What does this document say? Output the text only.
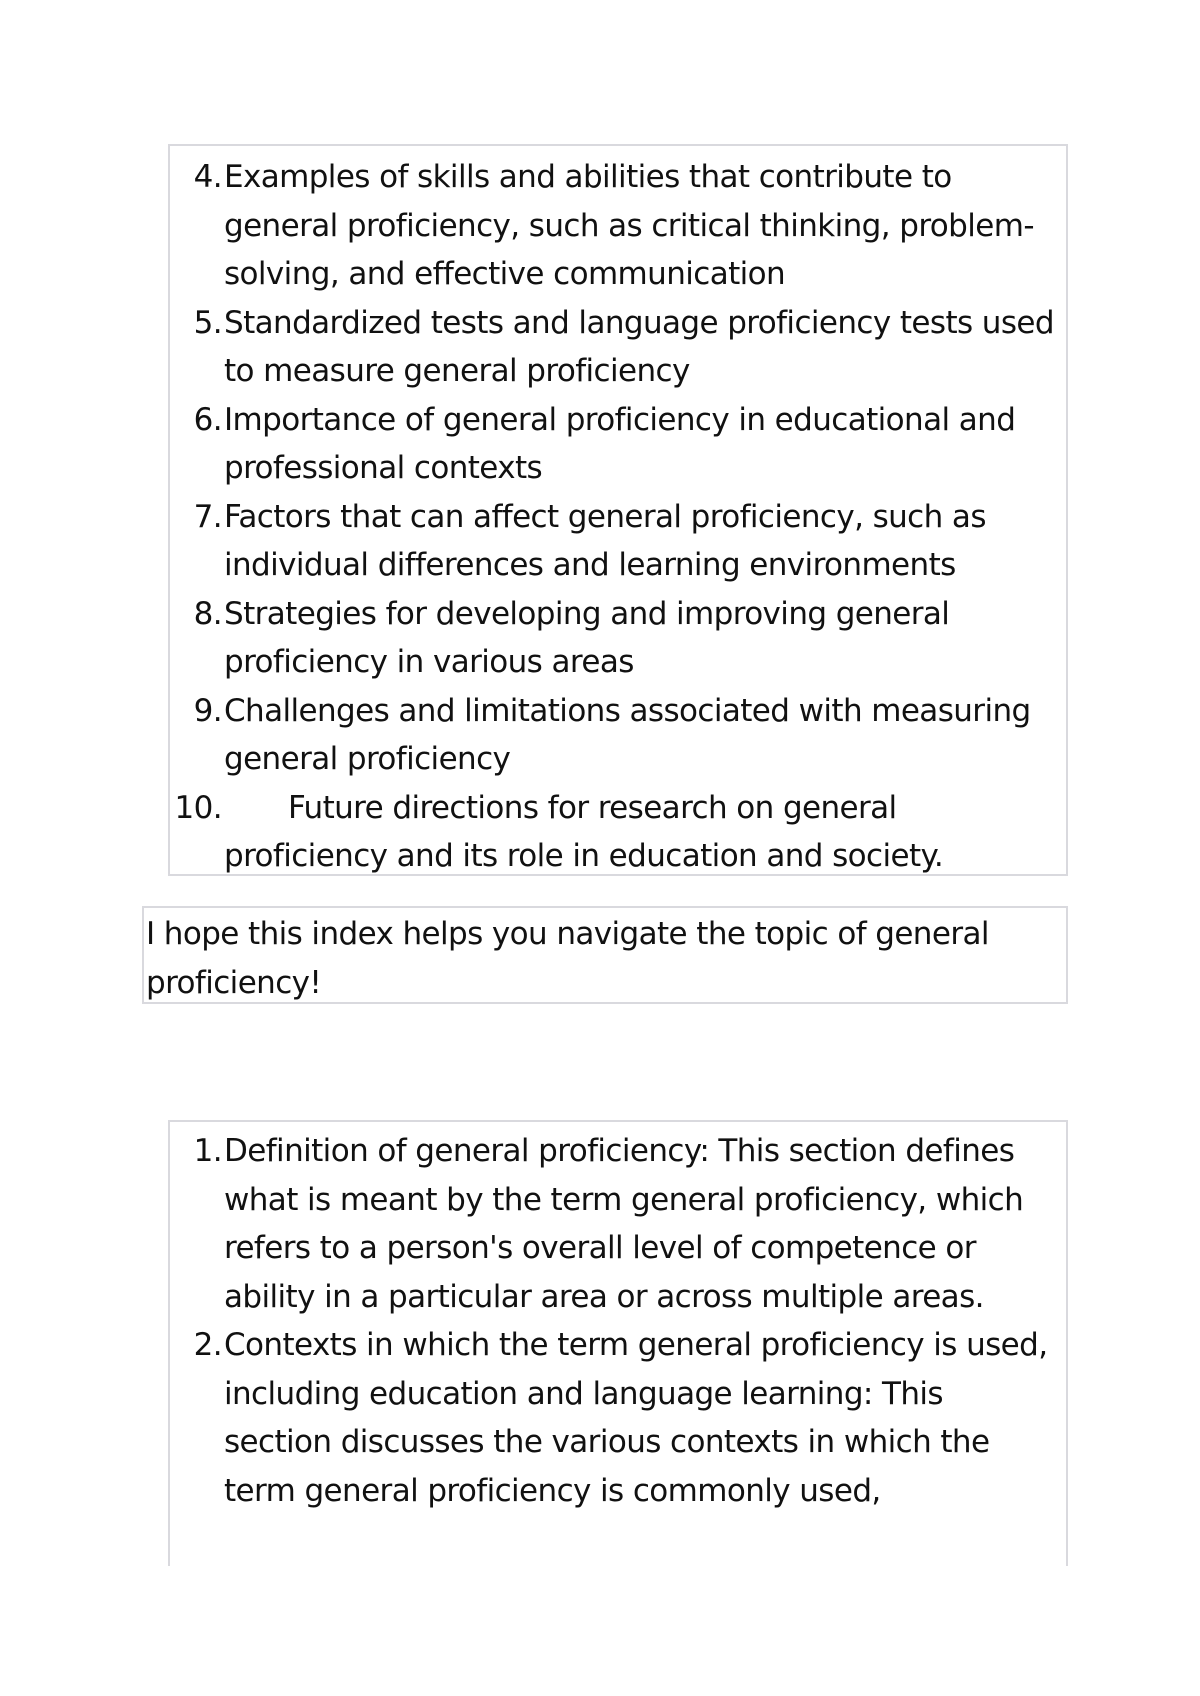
4. Examples of skills and abilities that contribute to general proficiency, such as critical thinking, problem-solving, and effective communication
5. Standardized tests and language proficiency tests used to measure general proficiency
6. Importance of general proficiency in educational and professional contexts
7. Factors that can affect general proficiency, such as individual differences and learning environments
8. Strategies for developing and improving general proficiency in various areas
9. Challenges and limitations associated with measuring general proficiency
10.	Future directions for research on general proficiency and its role in education and society.

I hope this index helps you navigate the topic of general proficiency!

1. Definition of general proficiency: This section defines what is meant by the term general proficiency, which refers to a person's overall level of competence or ability in a particular area or across multiple areas.
2. Contexts in which the term general proficiency is used, including education and language learning: This section discusses the various contexts in which the term general proficiency is commonly used,
